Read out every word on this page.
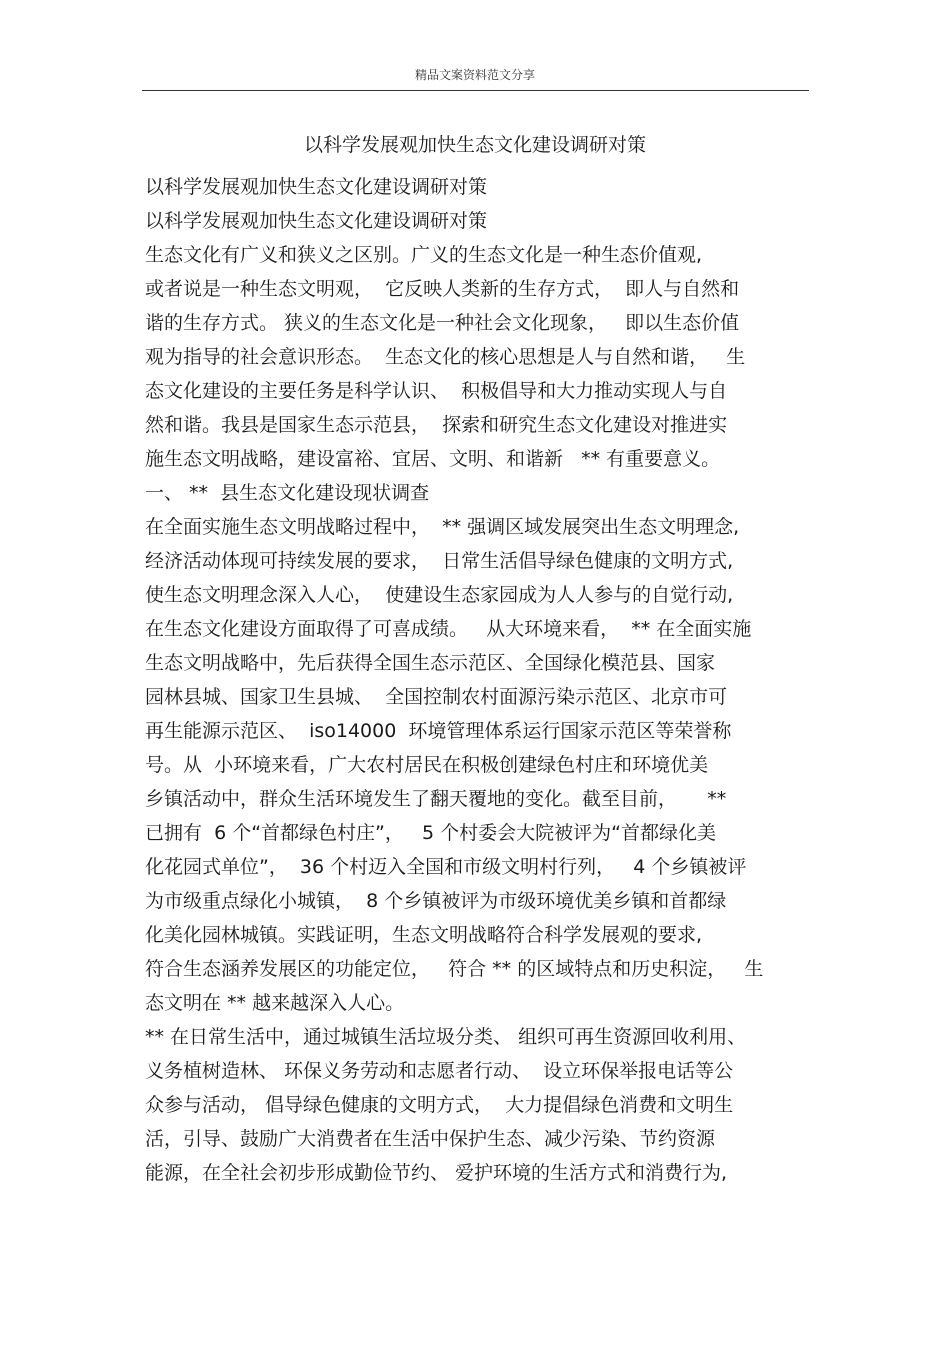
精品文案资料范文分享
以科学发展观加快生态文化建设调研对策
以科学发展观加快生态文化建设调研对策
以科学发展观加快生态文化建设调研对策
生态文化有广义和狭义之区别。广义的生态文化是一种生态价值观,
或者说是一种生态文明观，  它反映人类新的生存方式，  即人与自然和
谐的生存方式。 狭义的生态文化是一种社会文化现象，   即以生态价值
观为指导的社会意识形态。  生态文化的核心思想是人与自然和谐，   生
态文化建设的主要任务是科学认识、  积极倡导和大力推动实现人与自
然和谐。我县是国家生态示范县，  探索和研究生态文化建设对推进实
施生态文明战略，建设富裕、宜居、文明、和谐新   ** 有重要意义。
一、 **  县生态文化建设现状调查
在全面实施生态文明战略过程中，  ** 强调区域发展突出生态文明理念,
经济活动体现可持续发展的要求，  日常生活倡导绿色健康的文明方式,
使生态文明理念深入人心，  使建设生态家园成为人人参与的自觉行动,
在生态文化建设方面取得了可喜成绩。   从大环境来看，  ** 在全面实施
生态文明战略中，先后获得全国生态示范区、全国绿化模范县、国家
园林县城、国家卫生县城、  全国控制农村面源污染示范区、北京市可
再生能源示范区、  iso14000  环境管理体系运行国家示范区等荣誉称
号。从  小环境来看，广大农村居民在积极创建绿色村庄和环境优美
乡镇活动中，群众生活环境发生了翻天覆地的变化。截至目前，     **
已拥有  6 个“首都绿色村庄”，   5 个村委会大院被评为“首都绿化美
化花园式单位”，  36 个村迈入全国和市级文明村行列，   4 个乡镇被评
为市级重点绿化小城镇，  8 个乡镇被评为市级环境优美乡镇和首都绿
化美化园林城镇。实践证明，生态文明战略符合科学发展观的要求,
符合生态涵养发展区的功能定位，   符合 ** 的区域特点和历史积淀，   生
态文明在 ** 越来越深入人心。
** 在日常生活中，通过城镇生活垃圾分类、 组织可再生资源回收利用、
义务植树造林、 环保义务劳动和志愿者行动、  设立环保举报电话等公
众参与活动， 倡导绿色健康的文明方式，  大力提倡绿色消费和文明生
活，引导、鼓励广大消费者在生活中保护生态、减少污染、节约资源
能源，在全社会初步形成勤俭节约、 爱护环境的生活方式和消费行为,
